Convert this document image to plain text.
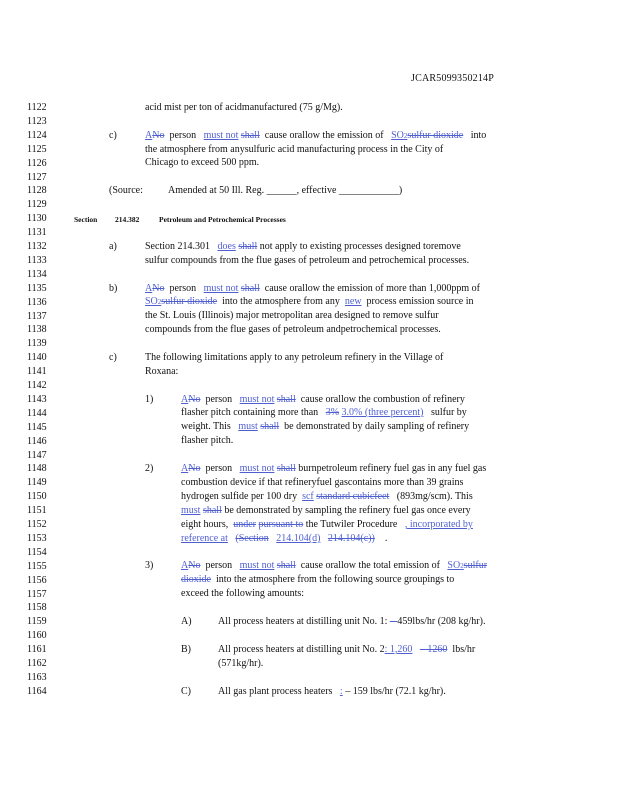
JCAR5099350214P
1122
1123
1124
1125
1126
1127
1128
1129
1130
1131
1132
1133
1134
1135
1136
1137
1138
1139
1140
1141
1142
1143
1144
1145
1146
1147
1148
1149
1150
1151
1152
1153
1154
1155
1156
1157
1158
1159
1160
1161
1162
1163
1164
acid mist per ton of acidmanufactured (75 g/Mg).
c)	ANo person must not shall cause orallow the emission of SO2sulfur dioxide into
the atmosphere from anysulfuric acid manufacturing process in the City of
Chicago to exceed 500 ppm.
(Source:	Amended at 50 Ill. Reg. ______, effective ____________)
Section 214.382	Petroleum and Petrochemical Processes
a)	Section 214.301 does shall not apply to existing processes designed toremove
sulfur compounds from the flue gases of petroleum and petrochemical processes.
b)	ANo person must not shall cause orallow the emission of more than 1,000ppm of
SO2sulfur dioxide into the atmosphere from any new process emission source in
the St. Louis (Illinois) major metropolitan area designed to remove sulfur
compounds from the flue gases of petroleum andpetrochemical processes.
c)	The following limitations apply to any petroleum refinery in the Village of
Roxana:
1)	ANo person must not shall cause orallow the combustion of refinery
flasher pitch containing more than 3% 3.0% (three percent) sulfur by
weight. This must shall be demonstrated by daily sampling of refinery
flasher pitch.
2)	ANo person must not shall burnpetroleum refinery fuel gas in any fuel gas
combustion device if that refineryfuel gascontains more than 39 grains
hydrogen sulfide per 100 dry scf standard cubicfeet (893mg/scm). This
must shall be demonstrated by sampling the refinery fuel gas once every
eight hours, under pursuant to the Tutwiler Procedure , incorporated by
reference at (Section 214.104(d) 214.104(c)) .
3)	ANo person must not shall cause orallow the total emission of SO2sulfur
dioxide into the atmosphere from the following source groupings to
exceed the following amounts:
A)	All process heaters at distilling unit No. 1: – 459lbs/hr (208 kg/hr).
B)	All process heaters at distilling unit No. 2: 1,260 – 1260 lbs/hr
(571kg/hr).
C)	All gas plant process heaters : – 159 lbs/hr (72.1 kg/hr).
